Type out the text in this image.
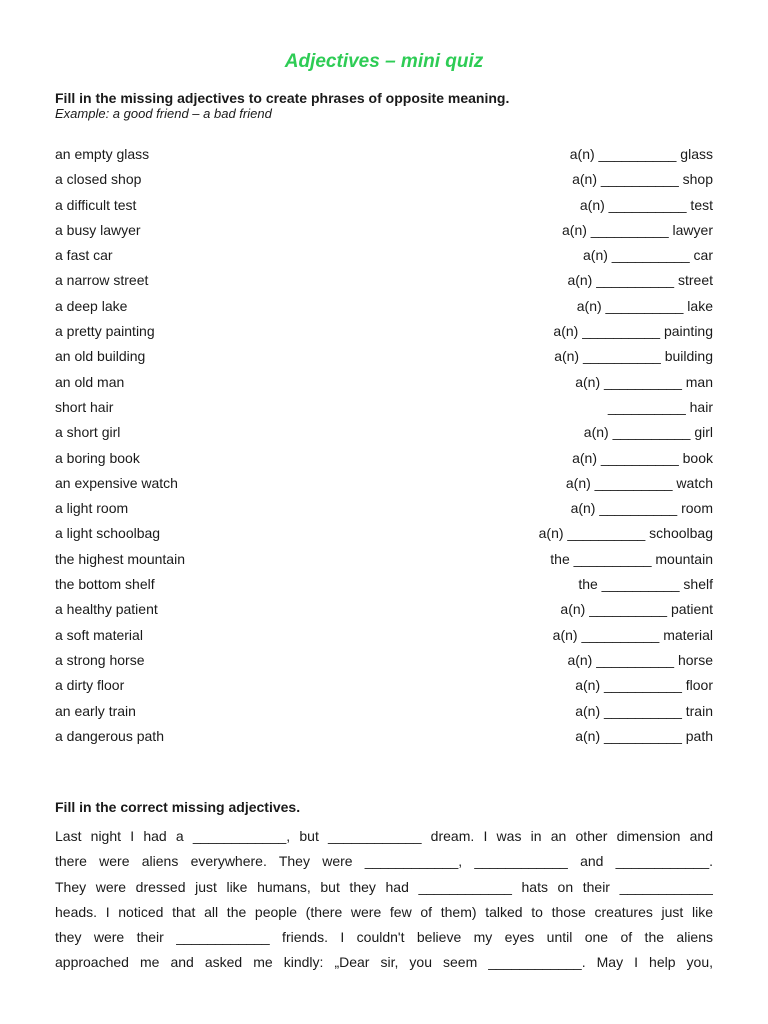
Adjectives – mini quiz

Fill in the missing adjectives to create phrases of opposite meaning.

Example: a good friend – a bad friend

an empty glass	a(n) __________ glass
a closed shop	a(n) __________ shop
a difficult test	a(n) __________ test
a busy lawyer	a(n) __________ lawyer
a fast car	a(n) __________ car
a narrow street	a(n) __________ street
a deep lake	a(n) __________ lake
a pretty painting	a(n) __________ painting
an old building	a(n) __________ building
an old man	a(n) __________ man
short hair	__________ hair
a short girl	a(n) __________ girl
a boring book	a(n) __________ book
an expensive watch	a(n) __________ watch
a light room	a(n) __________ room
a light schoolbag	a(n) __________ schoolbag
the highest mountain	the __________ mountain
the bottom shelf	the __________ shelf
a healthy patient	a(n) __________ patient
a soft material	a(n) __________ material
a strong horse	a(n) __________ horse
a dirty floor	a(n) __________ floor
an early train	a(n) __________ train
a dangerous path	a(n) __________ path

Fill in the correct missing adjectives.

Last night I had a ____________, but ____________ dream. I was in an other dimension and
there were aliens everywhere. They were ____________, ____________ and ____________.
They were dressed just like humans, but they had ____________ hats on their ____________
heads. I noticed that all the people (there were few of them) talked to those creatures just like
they were their ____________ friends. I couldn't believe my eyes until one of the aliens
approached me and asked me kindly: „Dear sir, you seem ____________. May I help you,
